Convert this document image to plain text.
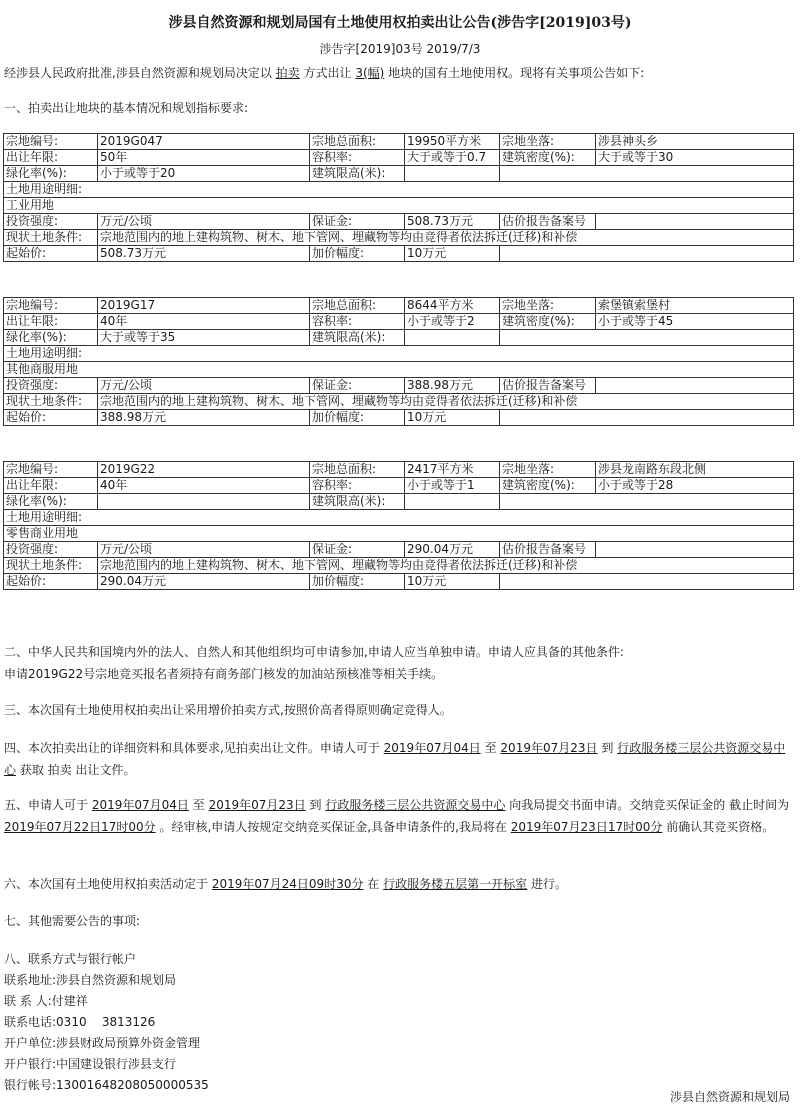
涉县自然资源和规划局国有土地使用权拍卖出让公告(涉告字[2019]03号)
涉告字[2019]03号 2019/7/3
经涉县人民政府批准,涉县自然资源和规划局决定以 拍卖 方式出让 3(幅) 地块的国有土地使用权。现将有关事项公告如下:
一、拍卖出让地块的基本情况和规划指标要求:
宗地编号:	2019G047	宗地总面积:	19950平方米	宗地坐落:	涉县神头乡
出让年限:	50年	容积率:	大于或等于0.7	建筑密度(%):	大于或等于30
绿化率(%):	小于或等于20	建筑限高(米):			
土地用途明细:					
工业用地					
投资强度:	万元/公顷	保证金:	508.73万元	估价报告备案号	
现状土地条件:	宗地范围内的地上建构筑物、树木、地下管网、埋藏物等均由竞得者依法拆迁(迁移)和补偿				
起始价:	508.73万元	加价幅度:	10万元		
宗地编号:	2019G17	宗地总面积:	8644平方米	宗地坐落:	索堡镇索堡村
出让年限:	40年	容积率:	小于或等于2	建筑密度(%):	小于或等于45
绿化率(%):	大于或等于35	建筑限高(米):			
土地用途明细:					
其他商服用地					
投资强度:	万元/公顷	保证金:	388.98万元	估价报告备案号	
现状土地条件:	宗地范围内的地上建构筑物、树木、地下管网、埋藏物等均由竞得者依法拆迁(迁移)和补偿				
起始价:	388.98万元	加价幅度:	10万元		
宗地编号:	2019G22	宗地总面积:	2417平方米	宗地坐落:	涉县龙南路东段北侧
出让年限:	40年	容积率:	小于或等于1	建筑密度(%):	小于或等于28
绿化率(%):		建筑限高(米):			
土地用途明细:					
零售商业用地					
投资强度:	万元/公顷	保证金:	290.04万元	估价报告备案号	
现状土地条件:	宗地范围内的地上建构筑物、树木、地下管网、埋藏物等均由竞得者依法拆迁(迁移)和补偿				
起始价:	290.04万元	加价幅度:	10万元		
二、中华人民共和国境内外的法人、自然人和其他组织均可申请参加,申请人应当单独申请。申请人应具备的其他条件:
申请2019G22号宗地竞买报名者须持有商务部门核发的加油站预核准等相关手续。
三、本次国有土地使用权拍卖出让采用增价拍卖方式,按照价高者得原则确定竞得人。
四、本次拍卖出让的详细资料和具体要求,见拍卖出让文件。申请人可于 2019年07月04日 至 2019年07月23日 到 行政服务楼三层公共资源交易中心 获取 拍卖 出让文件。
五、申请人可于 2019年07月04日 至 2019年07月23日 到 行政服务楼三层公共资源交易中心 向我局提交书面申请。交纳竞买保证金的 截止时间为 2019年07月22日17时00分 。经审核,申请人按规定交纳竞买保证金,具备申请条件的,我局将在 2019年07月23日17时00分 前确认其竞买资格。
六、本次国有土地使用权拍卖活动定于 2019年07月24日09时30分 在 行政服务楼五层第一开标室 进行。
七、其他需要公告的事项:
八、联系方式与银行帐户
联系地址:涉县自然资源和规划局
联 系 人:付建祥
联系电话:0310    3813126
开户单位:涉县财政局预算外资金管理
开户银行:中国建设银行涉县支行
银行帐号:13001648208050000535
涉县自然资源和规划局
